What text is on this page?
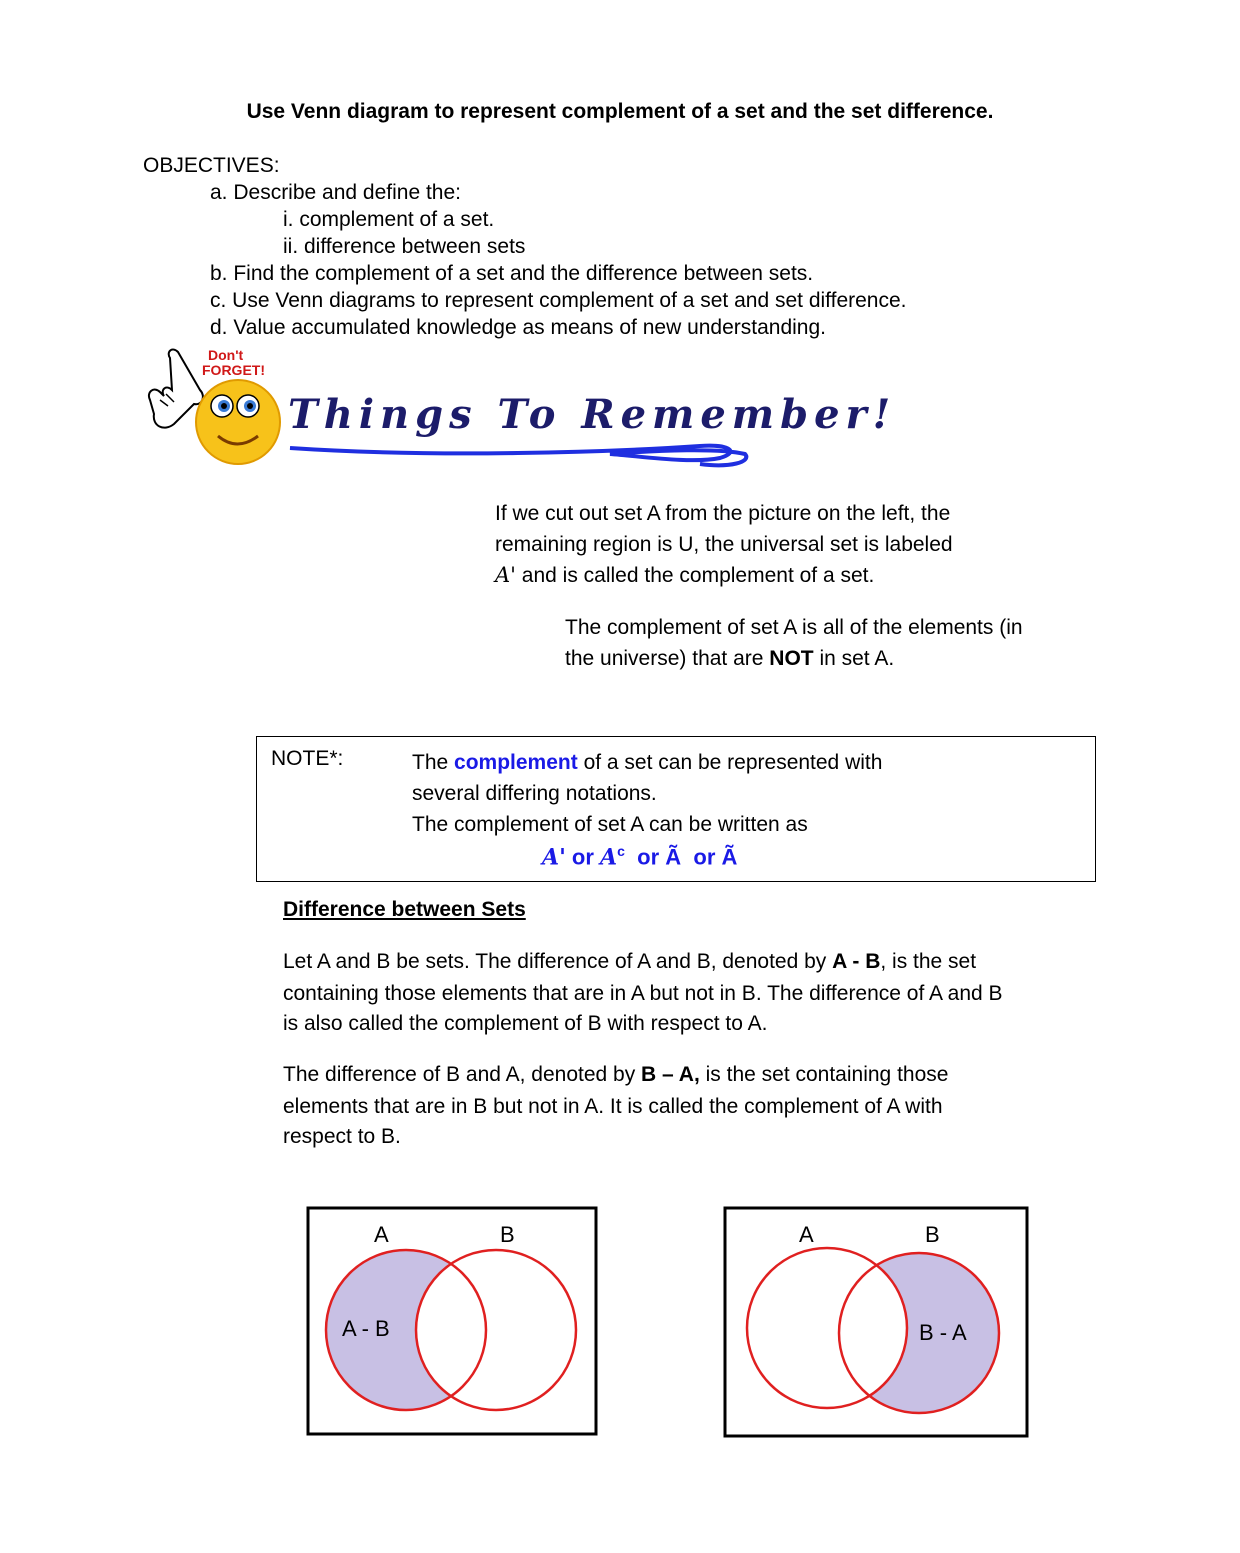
Use Venn diagram to represent complement of a set and the set difference.
OBJECTIVES:
a. Describe and define the:
i. complement of a set.
ii. difference between sets
b. Find the complement of a set and the difference between sets.
c. Use Venn diagrams to represent complement of a set and set difference.
d. Value accumulated knowledge as means of new understanding.
Don't
FORGET!
Things To Remember!
If we cut out set A from the picture on the left, the
remaining region is U, the universal set is labeled
A' and is called the complement of a set.
The complement of set A is all of the elements (in
the universe) that are NOT in set A.
NOTE*:	The complement of a set can be represented with
several differing notations.
The complement of set A can be written as
A' or $A^c$  or Ã  or Ã
Difference between Sets
Let A and B be sets. The difference of A and B, denoted by A - B, is the set
containing those elements that are in A but not in B. The difference of A and B
is also called the complement of B with respect to A.
The difference of B and A, denoted by B – A, is the set containing those
elements that are in B but not in A. It is called the complement of A with
respect to B.
A	B
A - B
A	B
B - A
